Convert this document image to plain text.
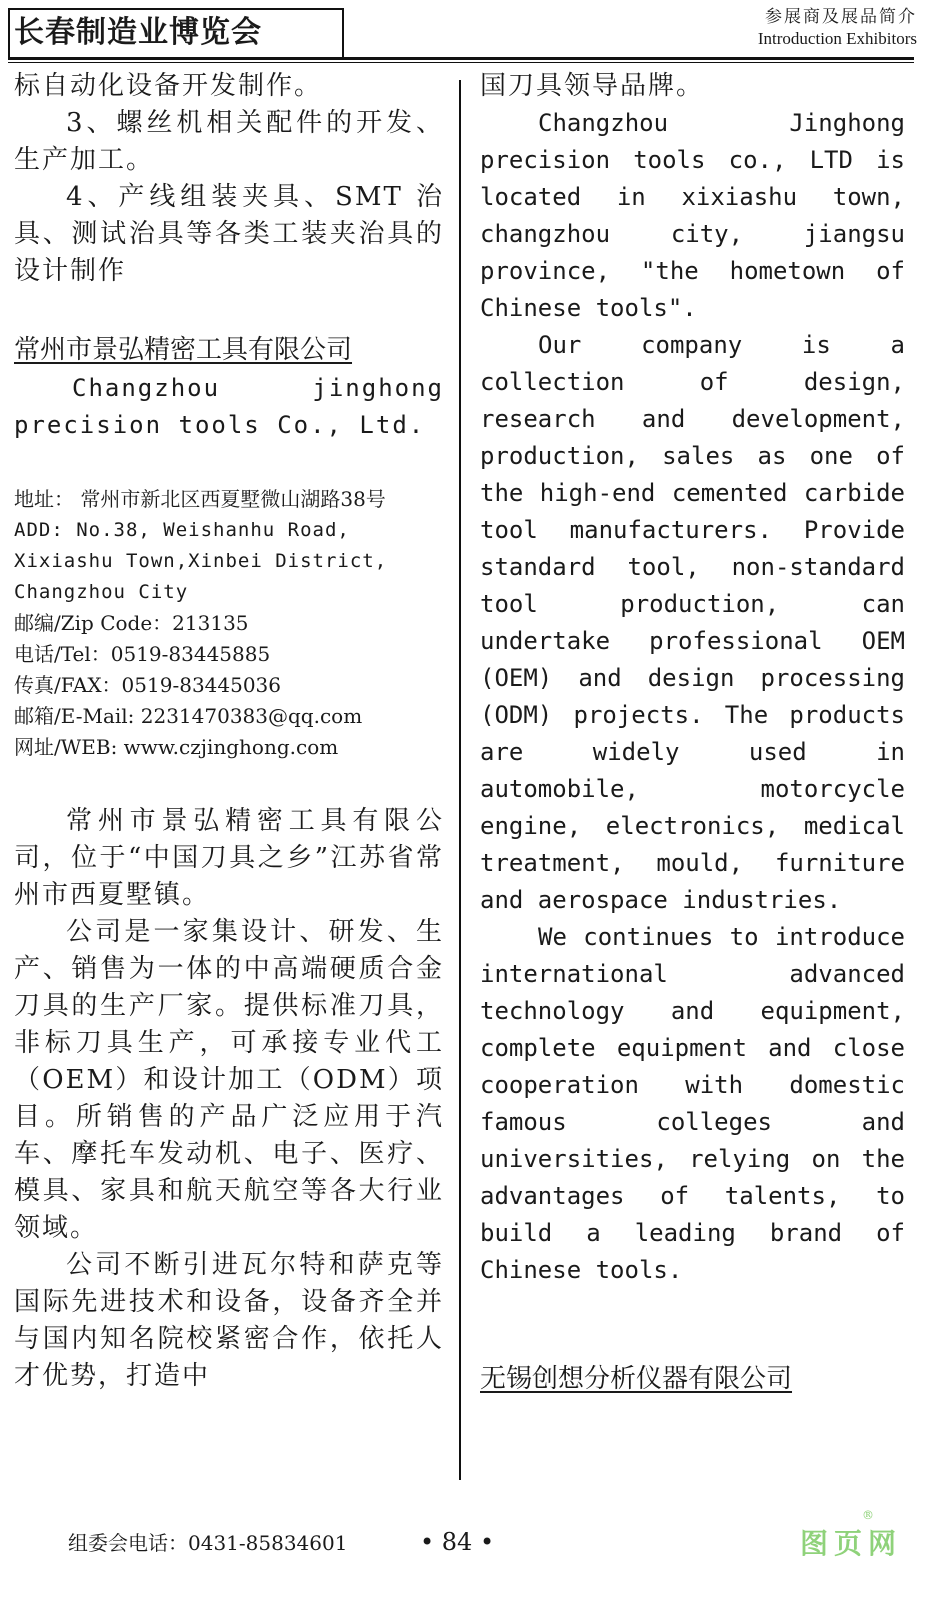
长春制造业博览会	参展商及展品简介
Introduction Exhibitors

标自动化设备开发制作。

3、螺丝机相关配件的开发、生产加工。

4、产线组装夹具、SMT 治具、测试治具等各类工装夹治具的设计制作

常州市景弘精密工具有限公司

Changzhou jinghong precision tools Co., Ltd.

地址： 常州市新北区西夏墅微山湖路38号

ADD: No.38, Weishanhu Road, Xixiashu Town,Xinbei District, Changzhou City

邮编/Zip Code：213135

电话/Tel：0519-83445885

传真/FAX：0519-83445036

邮箱/E-Mail: 2231470383@qq.com

网址/WEB: www.czjinghong.com

常州市景弘精密工具有限公司，位于“中国刀具之乡”江苏省常州市西夏墅镇。

公司是一家集设计、研发、生产、销售为一体的中高端硬质合金刀具的生产厂家。提供标准刀具，非标刀具生产，可承接专业代工（OEM）和设计加工（ODM）项目。所销售的产品广泛应用于汽车、摩托车发动机、电子、医疗、模具、家具和航天航空等各大行业领域。

公司不断引进瓦尔特和萨克等国际先进技术和设备，设备齐全并与国内知名院校紧密合作，依托人才优势，打造中

国刀具领导品牌。

Changzhou Jinghong precision tools co., LTD is located in xixiashu town, changzhou city, jiangsu province, "the hometown of Chinese tools".

Our company is a collection of design, research and development, production, sales as one of the high-end cemented carbide tool manufacturers. Provide standard tool, non-standard tool production, can undertake professional OEM (OEM) and design processing (ODM) projects. The products are widely used in automobile, motorcycle engine, electronics, medical treatment, mould, furniture and aerospace industries.

We continues to introduce international advanced technology and equipment, complete equipment and close cooperation with domestic famous colleges and universities, relying on the advantages of talents, to build a leading brand of Chinese tools.

无锡创想分析仪器有限公司

组委会电话：0431-85834601	• 84 •	图页网
®
